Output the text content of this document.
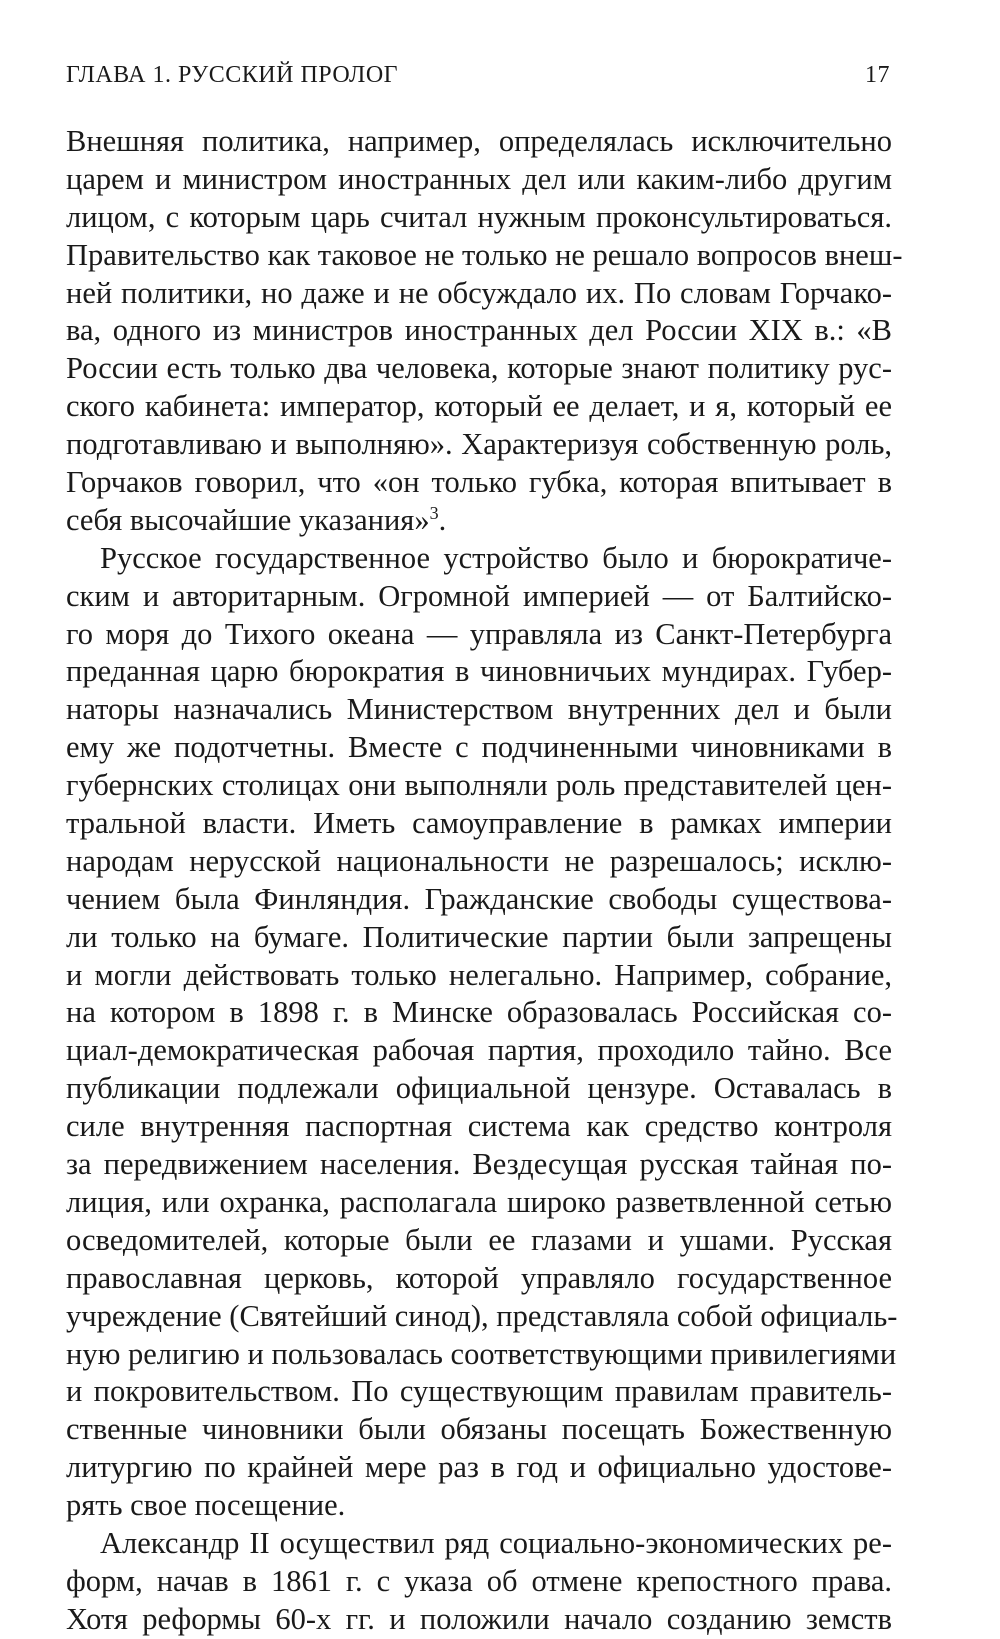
ГЛАВА 1. РУССКИЙ ПРОЛОГ	17
Внешняя политика, например, определялась исключительно
царем и министром иностранных дел или каким-либо другим
лицом, с которым царь считал нужным проконсультироваться.
Правительство как таковое не только не решало вопросов внеш-
ней политики, но даже и не обсуждало их. По словам Горчако-
ва, одного из министров иностранных дел России XIX в.: «В
России есть только два человека, которые знают политику рус-
ского кабинета: император, который ее делает, и я, который ее
подготавливаю и выполняю». Характеризуя собственную роль,
Горчаков говорил, что «он только губка, которая впитывает в
себя высочайшие указания»$^3$.
Русское государственное устройство было и бюрократиче-
ским и авторитарным. Огромной империей — от Балтийско-
го моря до Тихого океана — управляла из Санкт-Петербурга
преданная царю бюрократия в чиновничьих мундирах. Губер-
наторы назначались Министерством внутренних дел и были
ему же подотчетны. Вместе с подчиненными чиновниками в
губернских столицах они выполняли роль представителей цен-
тральной власти. Иметь самоуправление в рамках империи
народам нерусской национальности не разрешалось; исклю-
чением была Финляндия. Гражданские свободы существова-
ли только на бумаге. Политические партии были запрещены
и могли действовать только нелегально. Например, собрание,
на котором в 1898 г. в Минске образовалась Российская со-
циал-демократическая рабочая партия, проходило тайно. Все
публикации подлежали официальной цензуре. Оставалась в
силе внутренняя паспортная система как средство контроля
за передвижением населения. Вездесущая русская тайная по-
лиция, или охранка, располагала широко разветвленной сетью
осведомителей, которые были ее глазами и ушами. Русская
православная церковь, которой управляло государственное
учреждение (Святейший синод), представляла собой официаль-
ную религию и пользовалась соответствующими привилегиями
и покровительством. По существующим правилам правитель-
ственные чиновники были обязаны посещать Божественную
литургию по крайней мере раз в год и официально удостове-
рять свое посещение.
Александр II осуществил ряд социально-экономических ре-
форм, начав в 1861 г. с указа об отмене крепостного права.
Хотя реформы 60-х гг. и положили начало созданию земств
